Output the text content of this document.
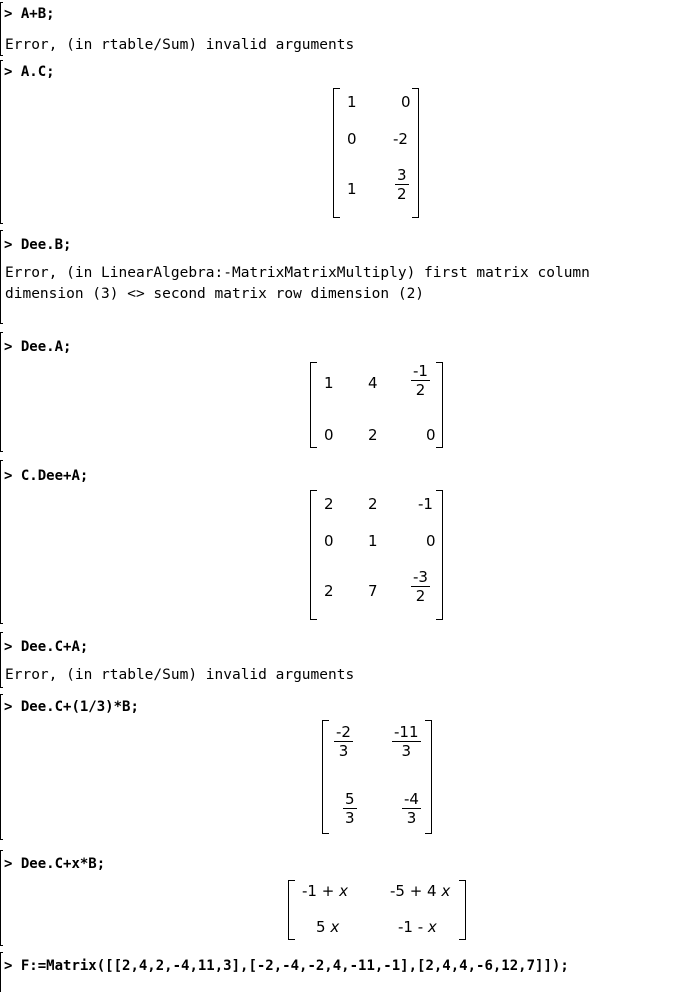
> A+B;
Error, (in rtable/Sum) invalid arguments
> A.C;
1	0
0 -2
1	$\frac{3}{2}$
> Dee.B;
Error, (in LinearAlgebra:-MatrixMatrixMultiply) first matrix column
dimension (3) <> second matrix row dimension (2)
> Dee.A;
1 $4 \frac{-1}{2}$
0 2	0
> C.Dee+A;
2 2	-1
0 1	0
2 $7 \frac{-3}{2}$
> Dee.C+A;
Error, (in rtable/Sum) invalid arguments
> Dee.C+(1/3)*B;
$\frac{-2}{3}$	$\frac{-11}{3}$
$\frac{5}{3}$	$\frac{-4}{3}$
> Dee.C+x*B;
-1 + x	-5 + 4 x
5 x	-1 - x
> F:=Matrix([[2,4,2,-4,11,3],[-2,-4,-2,4,-11,-1],[2,4,4,-6,12,7]]);
